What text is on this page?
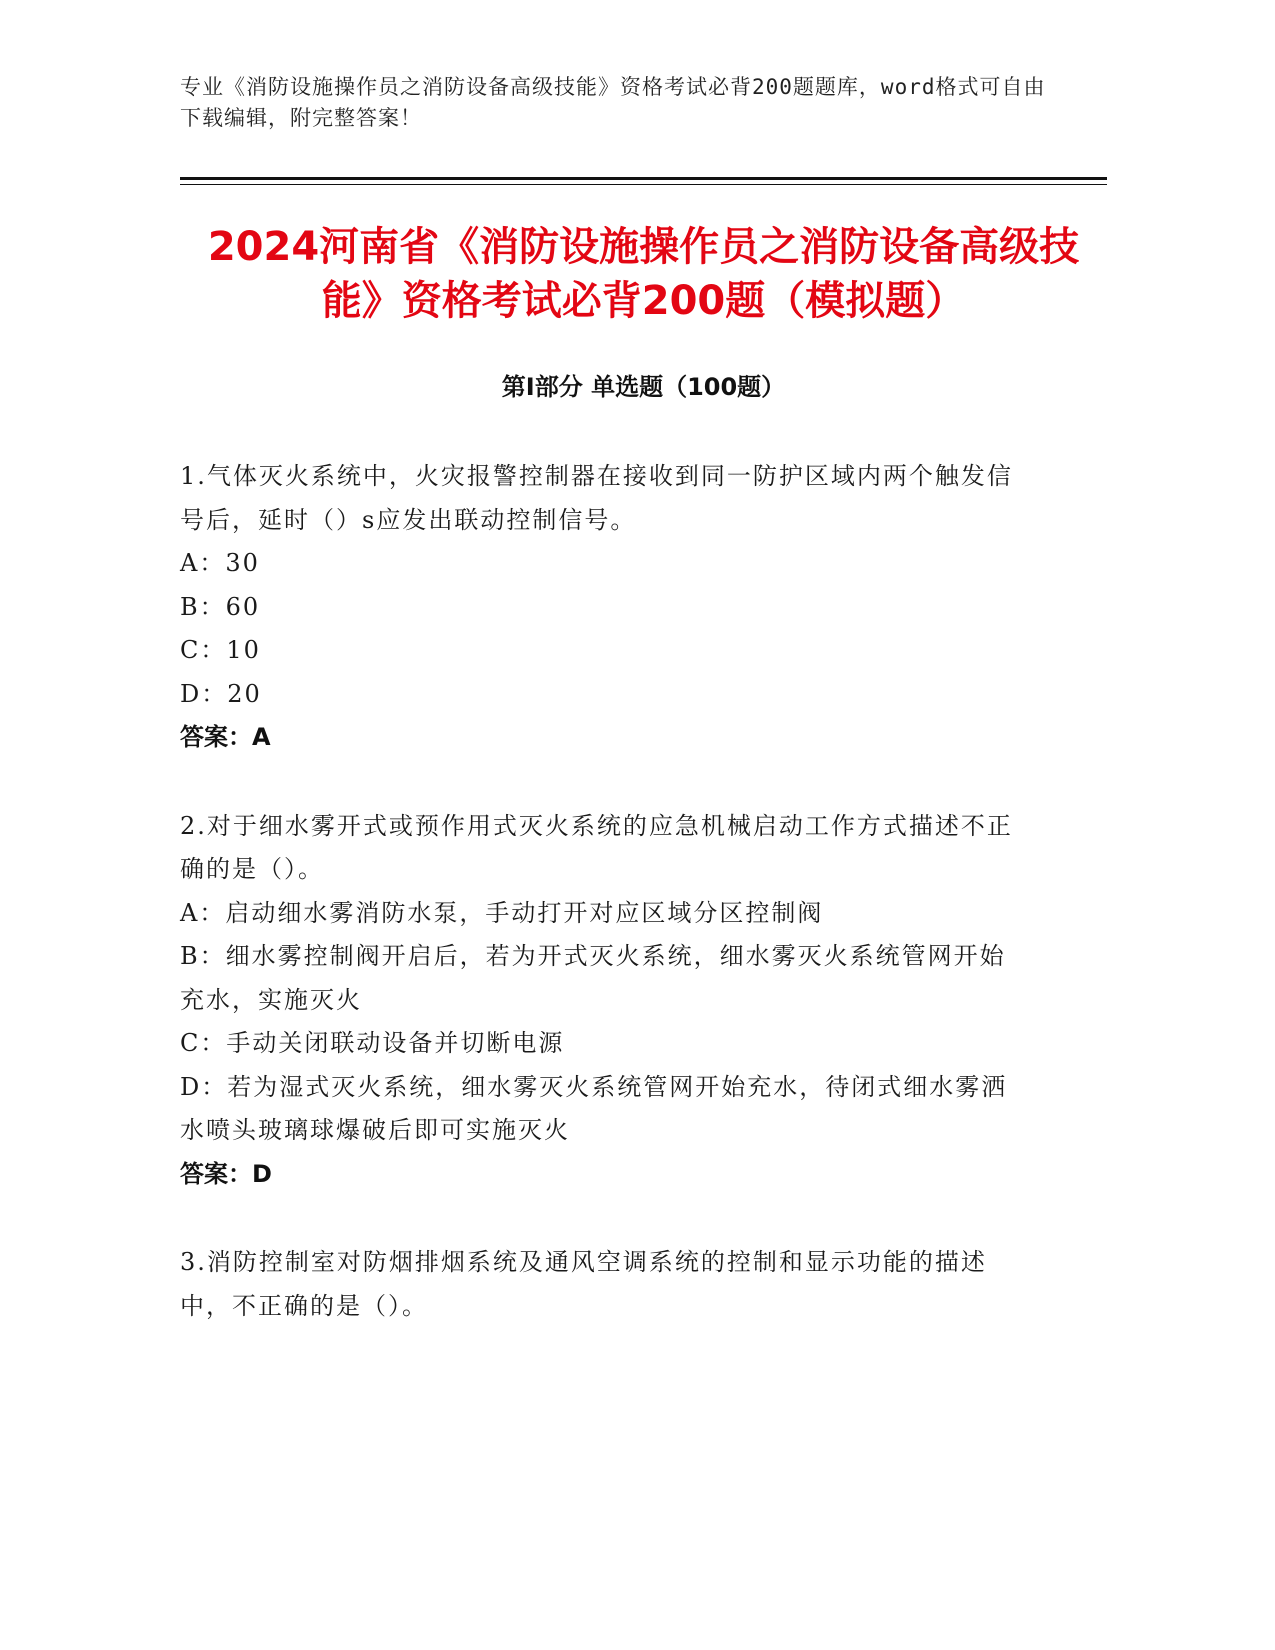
专业《消防设施操作员之消防设备高级技能》资格考试必背200题题库，word格式可自由下载编辑，附完整答案！
2024河南省《消防设施操作员之消防设备高级技能》资格考试必背200题（模拟题）
第I部分 单选题（100题）

1.气体灭火系统中，火灾报警控制器在接收到同一防护区域内两个触发信号后，延时（）s应发出联动控制信号。

A：30

B：60

C：10

D：20

答案：A

2.对于细水雾开式或预作用式灭火系统的应急机械启动工作方式描述不正确的是（）。

A：启动细水雾消防水泵，手动打开对应区域分区控制阀

B：细水雾控制阀开启后，若为开式灭火系统，细水雾灭火系统管网开始充水，实施灭火

C：手动关闭联动设备并切断电源

D：若为湿式灭火系统，细水雾灭火系统管网开始充水，待闭式细水雾洒水喷头玻璃球爆破后即可实施灭火

答案：D

3.消防控制室对防烟排烟系统及通风空调系统的控制和显示功能的描述中，不正确的是（）。
